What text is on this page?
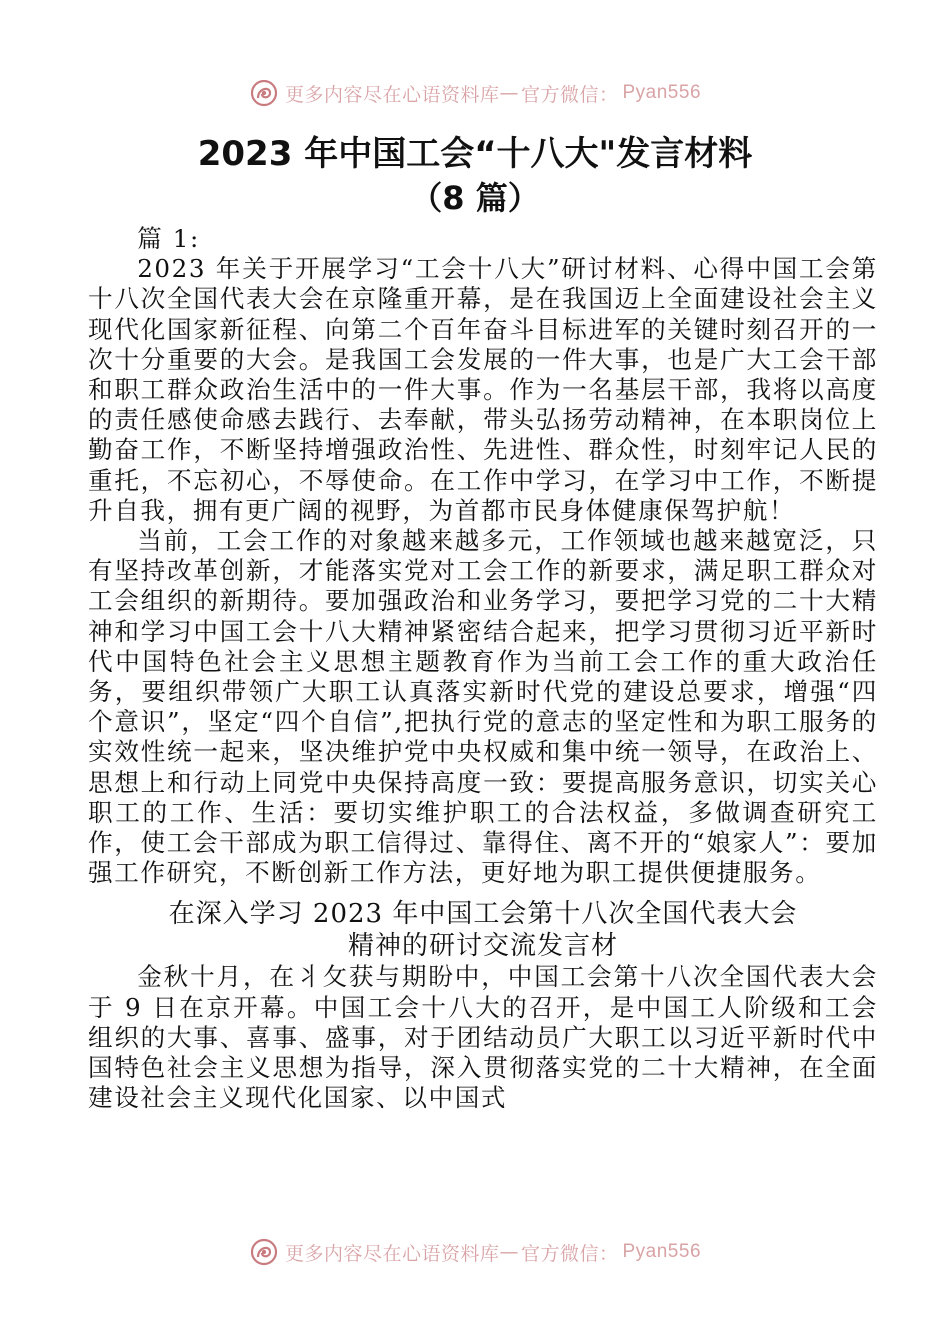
更多内容尽在心语资料库 — 官方微信： Pyan556
2023 年中国工会“十八大"发言材料
（8 篇）

篇 1:

2023 年关于开展学习“工会十八大”研讨材料、心得中国工会第十八次全国代表大会在京隆重开幕，是在我国迈上全面建设社会主义现代化国家新征程、向第二个百年奋斗目标进军的关键时刻召开的一次十分重要的大会。是我国工会发展的一件大事，也是广大工会干部和职工群众政治生活中的一件大事。作为一名基层干部，我将以高度的责任感使命感去践行、去奉献，带头弘扬劳动精神，在本职岗位上勤奋工作，不断坚持增强政治性、先进性、群众性，时刻牢记人民的重托，不忘初心，不辱使命。在工作中学习，在学习中工作，不断提升自我，拥有更广阔的视野，为首都市民身体健康保驾护航！

当前，工会工作的对象越来越多元，工作领域也越来越宽泛，只有坚持改革创新，才能落实党对工会工作的新要求，满足职工群众对工会组织的新期待。要加强政治和业务学习，要把学习党的二十大精神和学习中国工会十八大精神紧密结合起来，把学习贯彻习近平新时代中国特色社会主义思想主题教育作为当前工会工作的重大政治任务，要组织带领广大职工认真落实新时代党的建设总要求，增强“四个意识”，坚定“四个自信”,把执行党的意志的坚定性和为职工服务的实效性统一起来，坚决维护党中央权威和集中统一领导，在政治上、思想上和行动上同党中央保持高度一致：要提高服务意识，切实关心职工的工作、生活：要切实维护职工的合法权益，多做调查研究工作，使工会干部成为职工信得过、靠得住、离不开的“娘家人”：要加强工作研究，不断创新工作方法，更好地为职工提供便捷服务。

在深入学习 2023 年中国工会第十八次全国代表大会
精神的研讨交流发言材

金秋十月，在丬攵获与期盼中，中国工会第十八次全国代表大会于 9 日在京开幕。中国工会十八大的召开，是中国工人阶级和工会组织的大事、喜事、盛事，对于团结动员广大职工以习近平新时代中国特色社会主义思想为指导，深入贯彻落实党的二十大精神，在全面建设社会主义现代化国家、以中国式

更多内容尽在心语资料库 — 官方微信： Pyan556
